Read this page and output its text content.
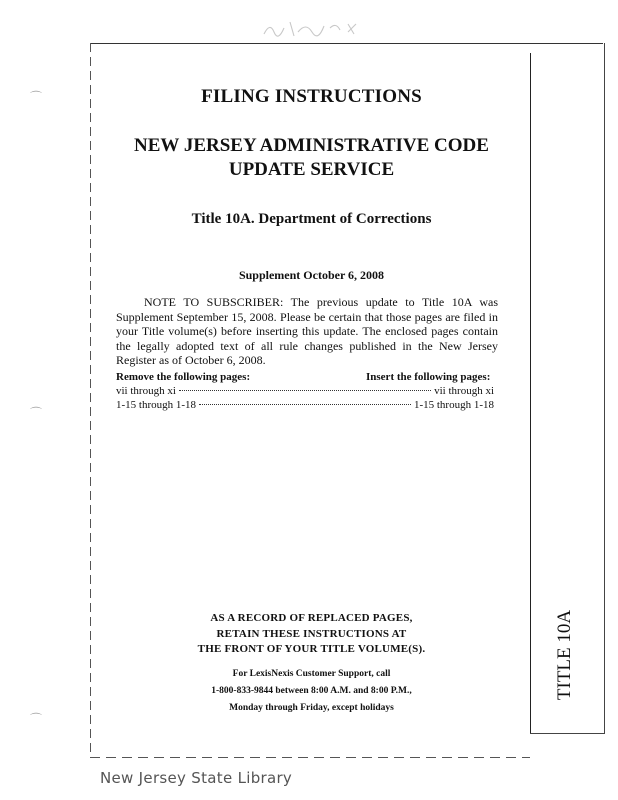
⌒
⌒
⌒
FILING INSTRUCTIONS
NEW JERSEY ADMINISTRATIVE CODE
UPDATE SERVICE
Title 10A. Department of Corrections
Supplement October 6, 2008
NOTE TO SUBSCRIBER: The previous update to Title 10A was Supplement September 15, 2008. Please be certain that those pages are filed in your Title volume(s) before inserting this update. The enclosed pages contain the legally adopted text of all rule changes published in the New Jersey Register as of October 6, 2008.
Remove the following pages:	Insert the following pages:
vii through xi	vii through xi
1-15 through 1-18	1-15 through 1-18
AS A RECORD OF REPLACED PAGES,
RETAIN THESE INSTRUCTIONS AT
THE FRONT OF YOUR TITLE VOLUME(S).
For LexisNexis Customer Support, call
1-800-833-9844 between 8:00 A.M. and 8:00 P.M.,
Monday through Friday, except holidays
TITLE 10A
New Jersey State Library
